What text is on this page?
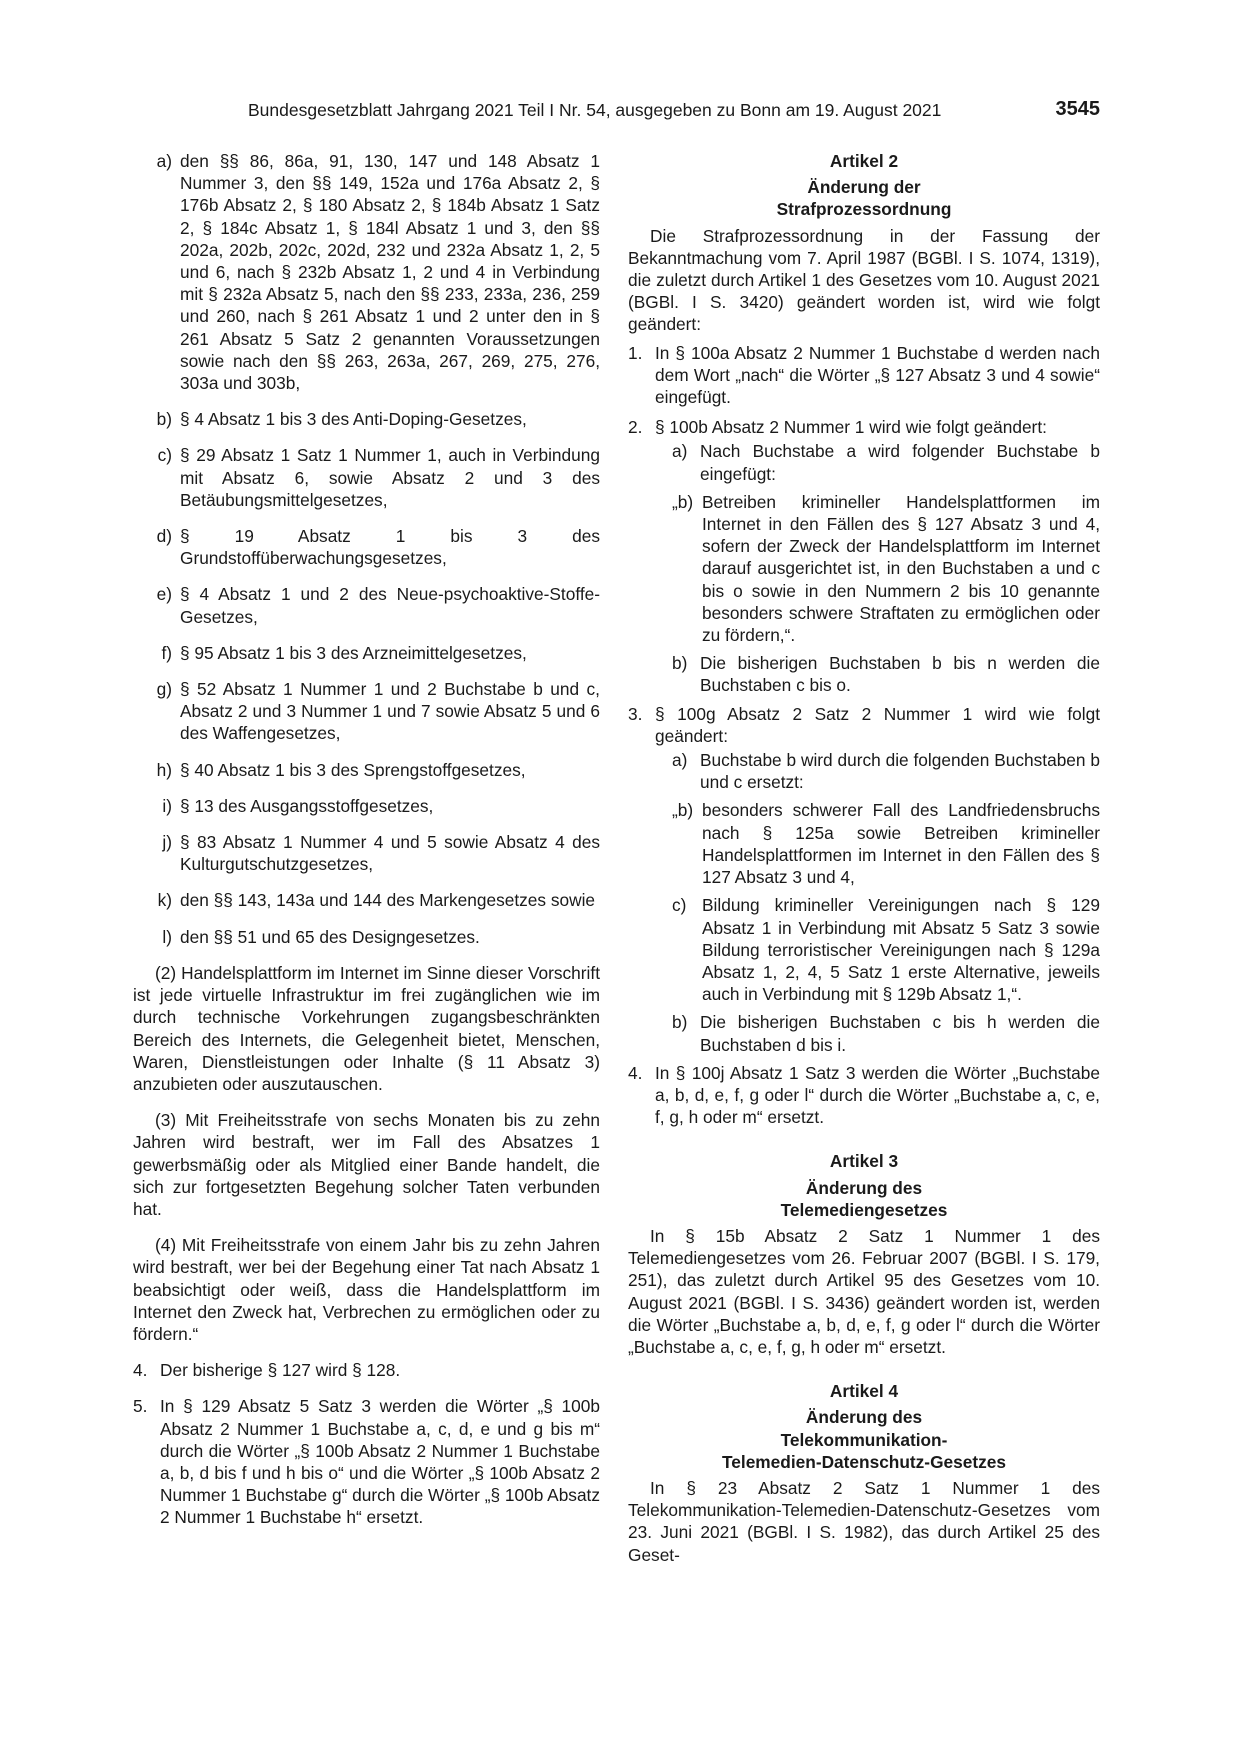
Bundesgesetzblatt Jahrgang 2021 Teil I Nr. 54, ausgegeben zu Bonn am 19. August 2021	3545
a) den §§ 86, 86a, 91, 130, 147 und 148 Absatz 1 Nummer 3, den §§ 149, 152a und 176a Absatz 2, § 176b Absatz 2, § 180 Absatz 2, § 184b Absatz 1 Satz 2, § 184c Absatz 1, § 184l Absatz 1 und 3, den §§ 202a, 202b, 202c, 202d, 232 und 232a Absatz 1, 2, 5 und 6, nach § 232b Absatz 1, 2 und 4 in Verbindung mit § 232a Absatz 5, nach den §§ 233, 233a, 236, 259 und 260, nach § 261 Absatz 1 und 2 unter den in § 261 Absatz 5 Satz 2 genannten Voraussetzungen sowie nach den §§ 263, 263a, 267, 269, 275, 276, 303a und 303b,
b) § 4 Absatz 1 bis 3 des Anti-Doping-Gesetzes,
c) § 29 Absatz 1 Satz 1 Nummer 1, auch in Verbindung mit Absatz 6, sowie Absatz 2 und 3 des Betäubungsmittelgesetzes,
d) § 19 Absatz 1 bis 3 des Grundstoffüberwachungsgesetzes,
e) § 4 Absatz 1 und 2 des Neue-psychoaktive-Stoffe-Gesetzes,
f) § 95 Absatz 1 bis 3 des Arzneimittelgesetzes,
g) § 52 Absatz 1 Nummer 1 und 2 Buchstabe b und c, Absatz 2 und 3 Nummer 1 und 7 sowie Absatz 5 und 6 des Waffengesetzes,
h) § 40 Absatz 1 bis 3 des Sprengstoffgesetzes,
i) § 13 des Ausgangsstoffgesetzes,
j) § 83 Absatz 1 Nummer 4 und 5 sowie Absatz 4 des Kulturgutschutzgesetzes,
k) den §§ 143, 143a und 144 des Markengesetzes sowie
l) den §§ 51 und 65 des Designgesetzes.

(2) Handelsplattform im Internet im Sinne dieser Vorschrift ist jede virtuelle Infrastruktur im frei zugänglichen wie im durch technische Vorkehrungen zugangsbeschränkten Bereich des Internets, die Gelegenheit bietet, Menschen, Waren, Dienstleistungen oder Inhalte (§ 11 Absatz 3) anzubieten oder auszutauschen.

(3) Mit Freiheitsstrafe von sechs Monaten bis zu zehn Jahren wird bestraft, wer im Fall des Absatzes 1 gewerbsmäßig oder als Mitglied einer Bande handelt, die sich zur fortgesetzten Begehung solcher Taten verbunden hat.

(4) Mit Freiheitsstrafe von einem Jahr bis zu zehn Jahren wird bestraft, wer bei der Begehung einer Tat nach Absatz 1 beabsichtigt oder weiß, dass die Handelsplattform im Internet den Zweck hat, Verbrechen zu ermöglichen oder zu fördern.“

4. Der bisherige § 127 wird § 128.
5. In § 129 Absatz 5 Satz 3 werden die Wörter „§ 100b Absatz 2 Nummer 1 Buchstabe a, c, d, e und g bis m“ durch die Wörter „§ 100b Absatz 2 Nummer 1 Buchstabe a, b, d bis f und h bis o“ und die Wörter „§ 100b Absatz 2 Nummer 1 Buchstabe g“ durch die Wörter „§ 100b Absatz 2 Nummer 1 Buchstabe h“ ersetzt.
Artikel 2
Änderung der
Strafprozessordnung

Die Strafprozessordnung in der Fassung der Bekanntmachung vom 7. April 1987 (BGBl. I S. 1074, 1319), die zuletzt durch Artikel 1 des Gesetzes vom 10. August 2021 (BGBl. I S. 3420) geändert worden ist, wird wie folgt geändert:

1. In § 100a Absatz 2 Nummer 1 Buchstabe d werden nach dem Wort „nach“ die Wörter „§ 127 Absatz 3 und 4 sowie“ eingefügt.
2. § 100b Absatz 2 Nummer 1 wird wie folgt geändert:
a) Nach Buchstabe a wird folgender Buchstabe b eingefügt:
„b) Betreiben krimineller Handelsplattformen im Internet in den Fällen des § 127 Absatz 3 und 4, sofern der Zweck der Handelsplattform im Internet darauf ausgerichtet ist, in den Buchstaben a und c bis o sowie in den Nummern 2 bis 10 genannte besonders schwere Straftaten zu ermöglichen oder zu fördern,“.
b) Die bisherigen Buchstaben b bis n werden die Buchstaben c bis o.
3. § 100g Absatz 2 Satz 2 Nummer 1 wird wie folgt geändert:
a) Buchstabe b wird durch die folgenden Buchstaben b und c ersetzt:
„b) besonders schwerer Fall des Landfriedensbruchs nach § 125a sowie Betreiben krimineller Handelsplattformen im Internet in den Fällen des § 127 Absatz 3 und 4,
c) Bildung krimineller Vereinigungen nach § 129 Absatz 1 in Verbindung mit Absatz 5 Satz 3 sowie Bildung terroristischer Vereinigungen nach § 129a Absatz 1, 2, 4, 5 Satz 1 erste Alternative, jeweils auch in Verbindung mit § 129b Absatz 1,“.
b) Die bisherigen Buchstaben c bis h werden die Buchstaben d bis i.
4. In § 100j Absatz 1 Satz 3 werden die Wörter „Buchstabe a, b, d, e, f, g oder l“ durch die Wörter „Buchstabe a, c, e, f, g, h oder m“ ersetzt.
Artikel 3
Änderung des
Telemediengesetzes

In § 15b Absatz 2 Satz 1 Nummer 1 des Telemediengesetzes vom 26. Februar 2007 (BGBl. I S. 179, 251), das zuletzt durch Artikel 95 des Gesetzes vom 10. August 2021 (BGBl. I S. 3436) geändert worden ist, werden die Wörter „Buchstabe a, b, d, e, f, g oder l“ durch die Wörter „Buchstabe a, c, e, f, g, h oder m“ ersetzt.

Artikel 4
Änderung des
Telekommunikation-
Telemedien-Datenschutz-Gesetzes

In § 23 Absatz 2 Satz 1 Nummer 1 des Telekommunikation-Telemedien-Datenschutz-Gesetzes vom 23. Juni 2021 (BGBl. I S. 1982), das durch Artikel 25 des Geset-
